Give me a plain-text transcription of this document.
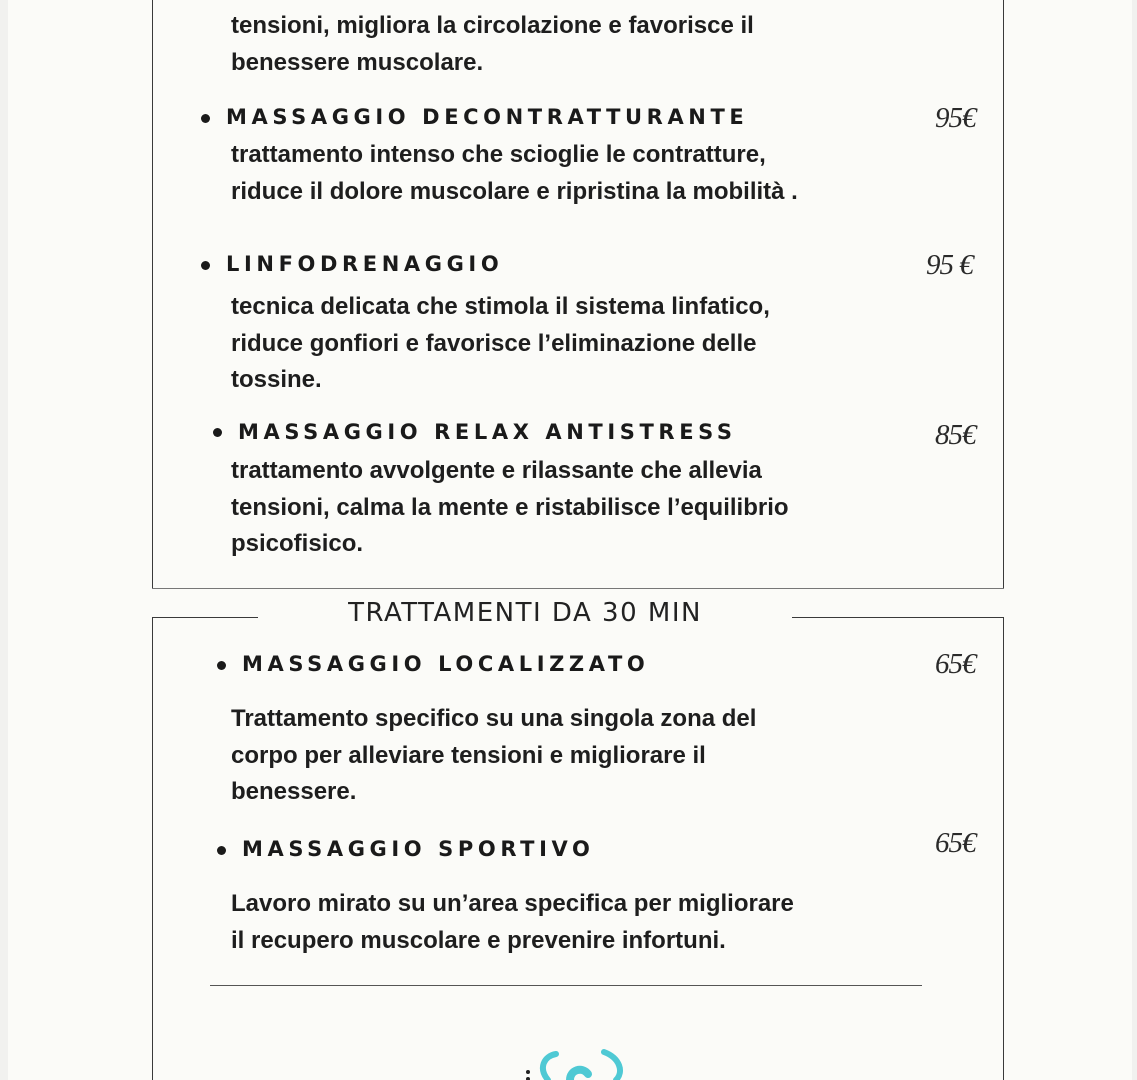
tensioni, migliora la circolazione e favorisce il
benessere muscolare.
MASSAGGIO DECONTRATTURANTE	95€
trattamento intenso che scioglie le contratture,
riduce il dolore muscolare e ripristina la mobilità .
LINFODRENAGGIO	95 €
tecnica delicata che stimola il sistema linfatico,
riduce gonfiori e favorisce l’eliminazione delle
tossine.
MASSAGGIO RELAX ANTISTRESS	85€
trattamento avvolgente e rilassante che allevia
tensioni, calma la mente e ristabilisce l’equilibrio
psicofisico.
TRATTAMENTI DA 30 MIN
MASSAGGIO LOCALIZZATO	65€
Trattamento specifico su una singola zona del
corpo per alleviare tensioni e migliorare il
benessere.
MASSAGGIO SPORTIVO	65€
Lavoro mirato su un’area specifica per migliorare
il recupero muscolare e prevenire infortuni.
